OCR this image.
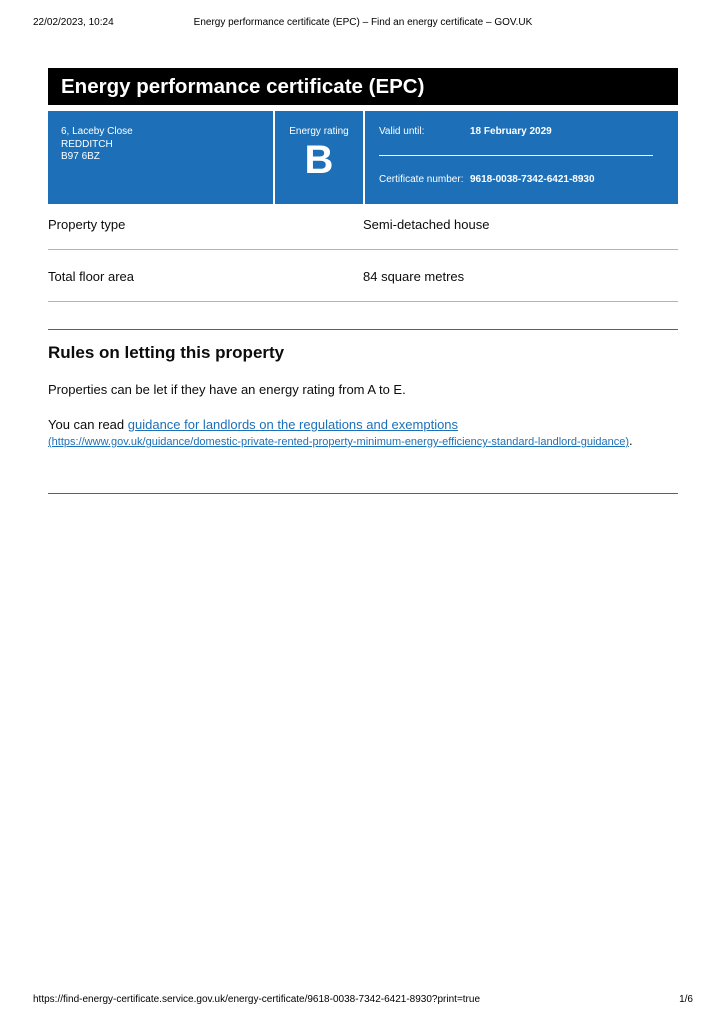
22/02/2023, 10:24	Energy performance certificate (EPC) – Find an energy certificate – GOV.UK
Energy performance certificate (EPC)
6, Laceby Close
REDDITCH
B97 6BZ
Energy rating
B
Valid until:	18 February 2029
Certificate number: 9618-0038-7342-6421-8930
Property type	Semi-detached house
Total floor area	84 square metres
Rules on letting this property
Properties can be let if they have an energy rating from A to E.
You can read guidance for landlords on the regulations and exemptions
(https://www.gov.uk/guidance/domestic-private-rented-property-minimum-energy-efficiency-standard-landlord-guidance).
https://find-energy-certificate.service.gov.uk/energy-certificate/9618-0038-7342-6421-8930?print=true	1/6
